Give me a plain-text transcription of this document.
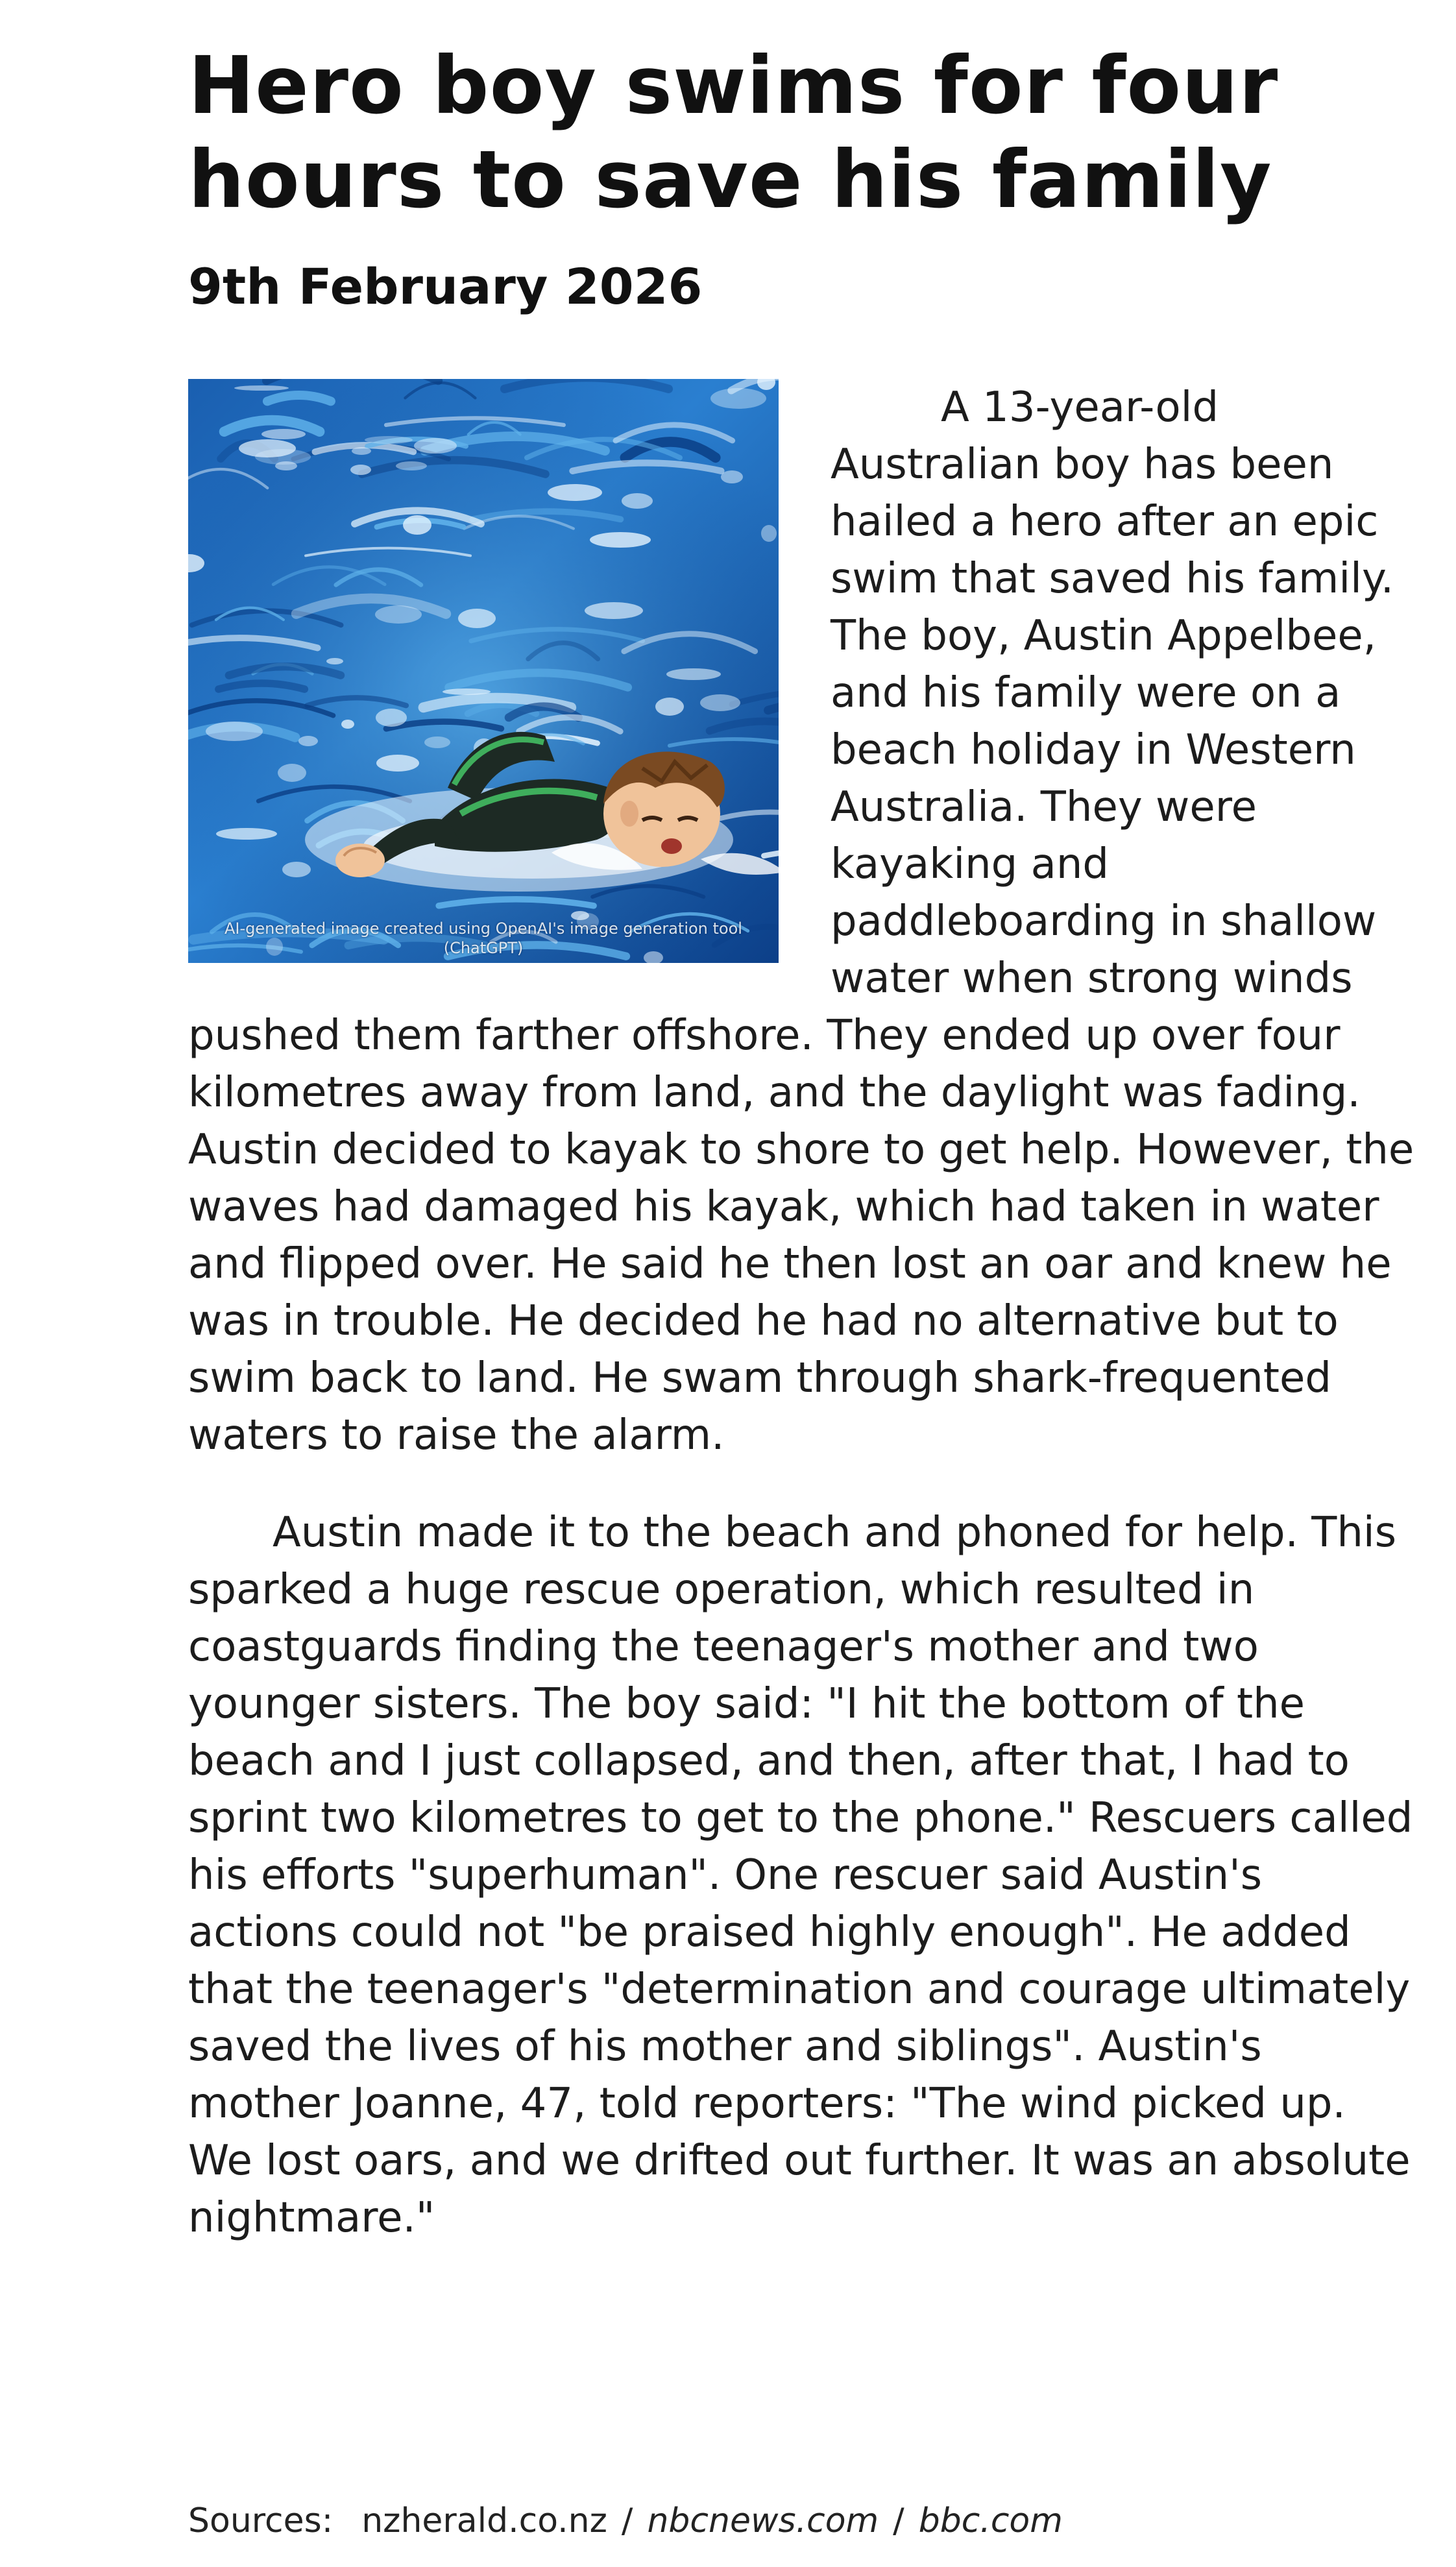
Hero boy swims for four hours to save his family
9th February 2026
AI-generated image created using OpenAI's image generation tool (ChatGPT)

A 13-year-old Australian boy has been hailed a hero after an epic swim that saved his family. The boy, Austin Appelbee, and his family were on a beach holiday in Western Australia. They were kayaking and paddleboarding in shallow water when strong winds pushed them farther offshore. They ended up over four kilometres away from land, and the daylight was fading. Austin decided to kayak to shore to get help. However, the waves had damaged his kayak, which had taken in water and flipped over. He said he then lost an oar and knew he was in trouble. He decided he had no alternative but to swim back to land. He swam through shark-frequented waters to raise the alarm.

Austin made it to the beach and phoned for help. This sparked a huge rescue operation, which resulted in coastguards finding the teenager's mother and two younger sisters. The boy said: "I hit the bottom of the beach and I just collapsed, and then, after that, I had to sprint two kilometres to get to the phone." Rescuers called his efforts "superhuman". One rescuer said Austin's actions could not "be praised highly enough". He added that the teenager's "determination and courage ultimately saved the lives of his mother and siblings". Austin's mother Joanne, 47, told reporters: "The wind picked up. We lost oars, and we drifted out further. It was an absolute nightmare."

Sources: nzherald.co.nz / nbcnews.com / bbc.com
